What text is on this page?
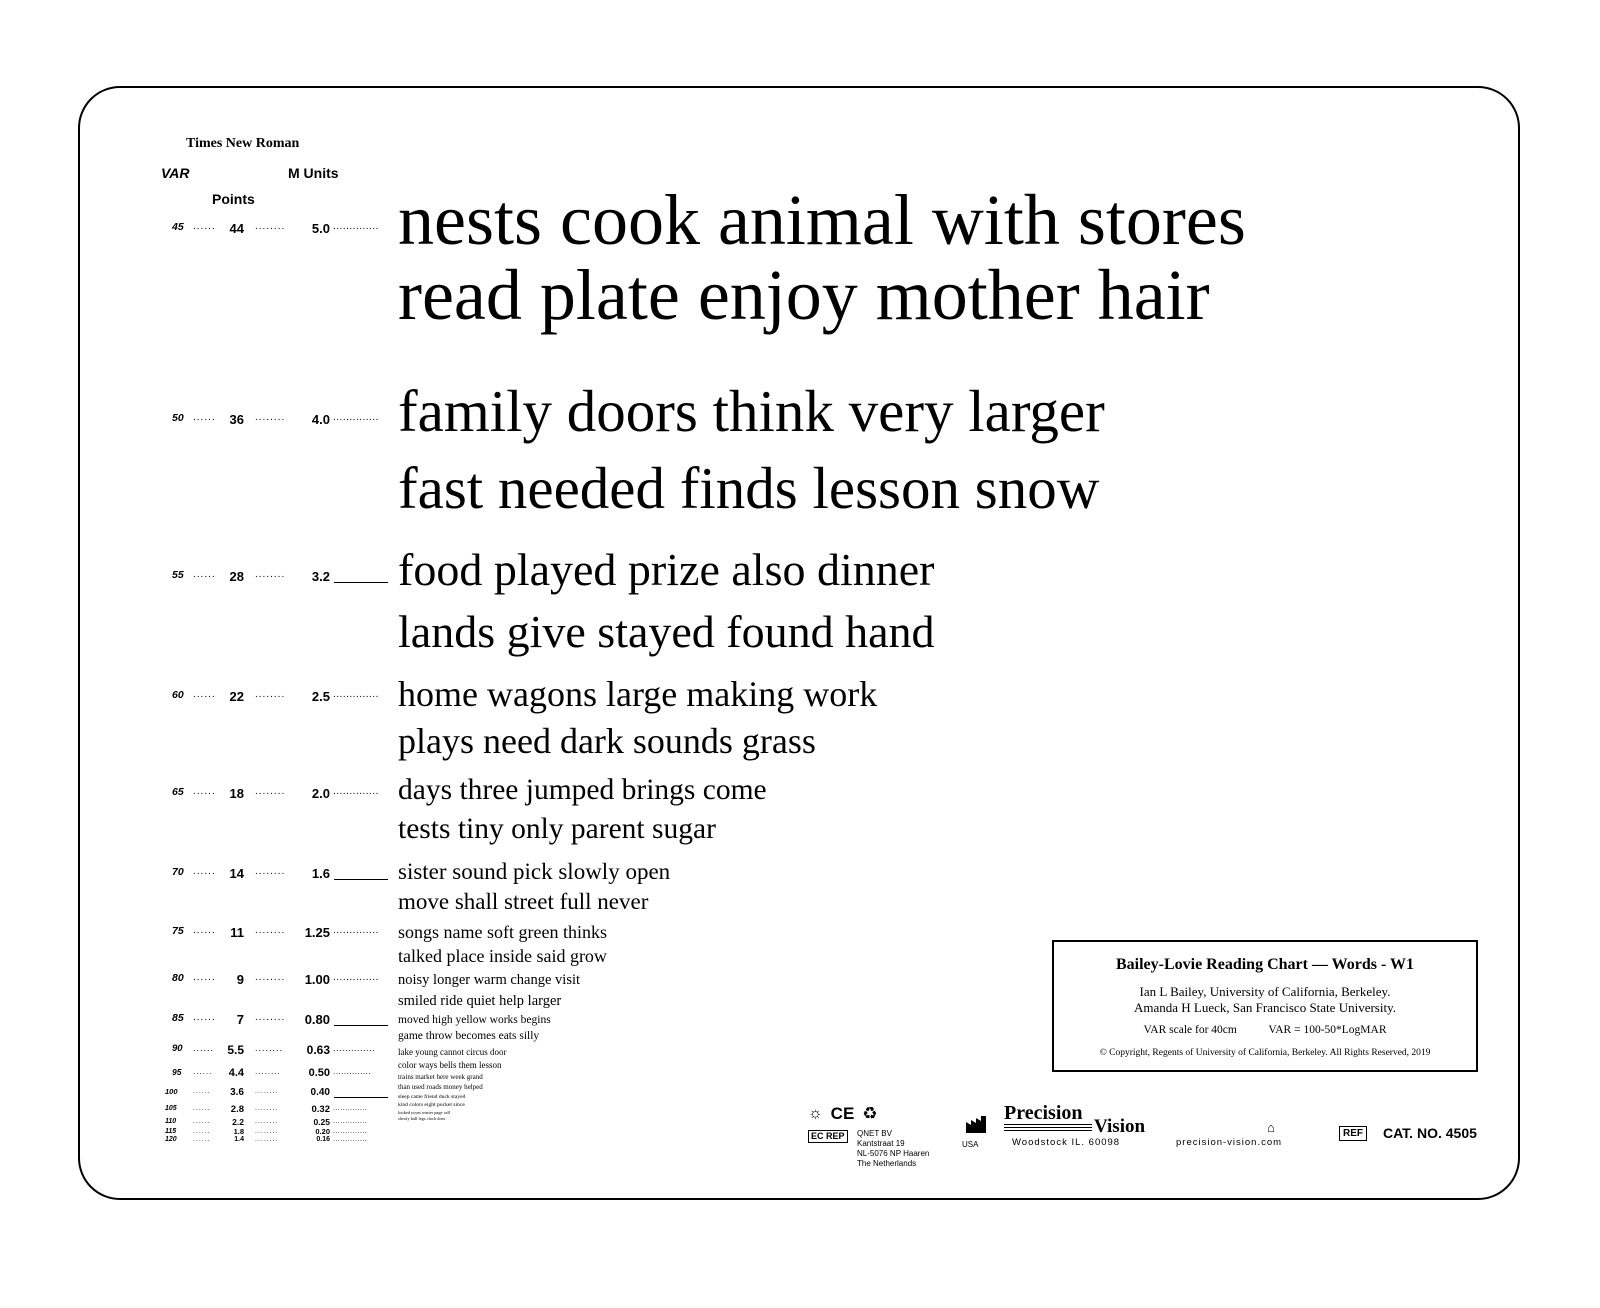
Times New Roman
VAR	M Units
Points
45 ......	44 ........	5.0 ..............
50 ......	36 ........	4.0 ..............
55 ......	28 ........	3.2
60 ......	22 ........	2.5 ..............
65 ......	18 ........	2.0 ..............
70 ......	14 ........	1.6
75 ......	11 ........	1.25 ..............
80 ......	9 ........	1.00 ..............
85 ......	7 ........	0.80
90 ......	5.5 ........	0.63 ..............
95 ......	4.4 ........	0.50 ..............
100 ......	3.6 ........	0.40
105 ......	2.8 ........	0.32 ..............
110 ......	2.2 ........	0.25 ..............
115 ......	1.8 ........	0.20 ..............
120 ......	1.4 ........	0.16 ..............
nests cook animal with stores
read plate enjoy mother hair
family doors think very larger
fast needed finds lesson snow
food played prize also dinner
lands give stayed found hand
home wagons large making work
plays need dark sounds grass
days three jumped brings come
tests tiny only parent sugar
sister sound pick slowly open
move shall street full never
songs name soft green thinks
talked place inside said grow
noisy longer warm change visit
smiled ride quiet help larger
moved high yellow works begins
game throw becomes eats silly
lake young cannot circus door
color ways bells them lesson
trains market here week grand
than used roads money helped
sleep came friend duck stayed
kind colors eight pocket since
looked yours winter page call
slowly ball legs clock does
Bailey-Lovie Reading Chart — Words - W1
Ian L Bailey, University of California, Berkeley.
Amanda H Lueck, San Francisco State University.
VAR scale for 40cm	VAR = 100-50*LogMAR
© Copyright, Regents of University of California, Berkeley. All Rights Reserved, 2019
☼ CE ♻
EC REP	QNET BV
Kantstraat 19
NL-5076 NP Haaren
The Netherlands
USA
Precision
Vision
Woodstock IL. 60098	precision-vision.com
⌂	REF CAT. NO. 4505
